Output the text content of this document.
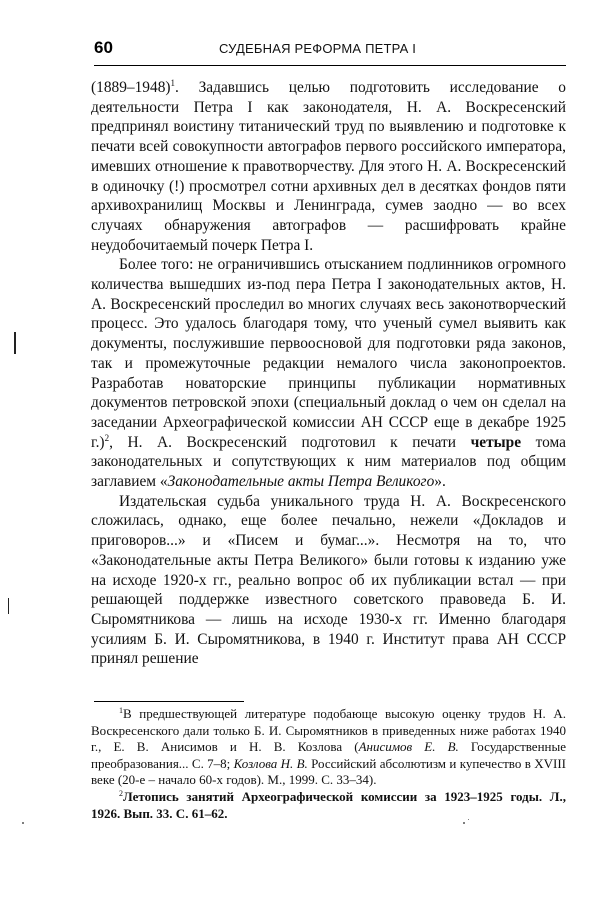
60	СУДЕБНАЯ РЕФОРМА ПЕТРА I

(1889–1948)$^1$. Задавшись целью подготовить исследование о деятельности Петра I как законодателя, Н. А. Воскресенский предпринял воистину титанический труд по выявлению и подготовке к печати всей совокупности автографов первого российского императора, имевших отношение к правотворчеству. Для этого Н. А. Воскресенский в одиночку (!) просмотрел сотни архивных дел в десятках фондов пяти архивохранилищ Москвы и Ленинграда, сумев заодно — во всех случаях обнаружения автографов — расшифровать крайне неудобочитаемый почерк Петра I.

Более того: не ограничившись отысканием подлинников огромного количества вышедших из-под пера Петра I законодательных актов, Н. А. Воскресенский проследил во многих случаях весь законотворческий процесс. Это удалось благодаря тому, что ученый сумел выявить как документы, послужившие первоосновой для подготовки ряда законов, так и промежуточные редакции немалого числа законопроектов. Разработав новаторские принципы публикации нормативных документов петровской эпохи (специальный доклад о чем он сделал на заседании Археографической комиссии АН СССР еще в декабре 1925 г.)$^2$, Н. А. Воскресенский подготовил к печати четыре тома законодательных и сопутствующих к ним материалов под общим заглавием «Законодательные акты Петра Великого».

Издательская судьба уникального труда Н. А. Воскресенского сложилась, однако, еще более печально, нежели «Докладов и приговоров...» и «Писем и бумаг...». Несмотря на то, что «Законодательные акты Петра Великого» были готовы к изданию уже на исходе 1920-х гг., реально вопрос об их публикации встал — при решающей поддержке известного советского правоведа Б. И. Сыромятникова — лишь на исходе 1930-х гг. Именно благодаря усилиям Б. И. Сыромятникова, в 1940 г. Институт права АН СССР принял решение

$^1$В предшествующей литературе подобающе высокую оценку трудов Н. А. Воскресенского дали только Б. И. Сыромятников в приведенных ниже работах 1940 г., Е. В. Анисимов и Н. В. Козлова (Анисимов Е. В. Государственные преобразования... С. 7–8; Козлова Н. В. Российский абсолютизм и купечество в XVIII веке (20-е – начало 60-х годов). М., 1999. С. 33–34).

$^2$Летопись занятий Археографической комиссии за 1923–1925 годы. Л., 1926. Вып. 33. С. 61–62.
